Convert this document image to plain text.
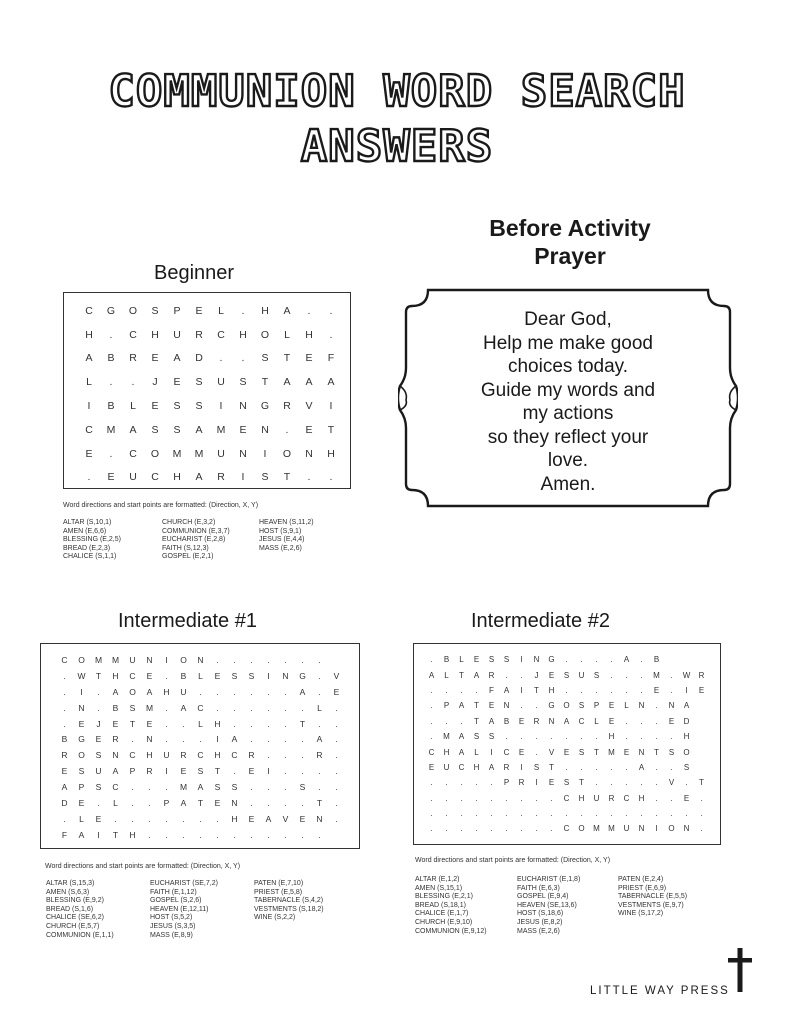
COMMUNION WORD SEARCH
ANSWERS
Beginner
C	G	O	S	P	E	L	.	H	A	.	.
H	.	C	H	U	R	C	H	O	L	H	.
A	B	R	E	A	D	.	.	S	T	E	F
L	.	.	J	E	S	U	S	T	A	A	A
I	B	L	E	S	S	I	N	G	R	V	I
C	M	A	S	S	A	M	E	N	.	E	T
E	.	C	O	M	M	U	N	I	O	N	H
.	E	U	C	H	A	R	I	S	T	.	.
Word directions and start points are formatted: (Direction, X, Y)
ALTAR (S,10,1)
AMEN (E,6,6)
BLESSING (E,2,5)
BREAD (E,2,3)
CHALICE (S,1,1)
CHURCH (E,3,2)
COMMUNION (E,3,7)
EUCHARIST (E,2,8)
FAITH (S,12,3)
GOSPEL (E,2,1)
HEAVEN (S,11,2)
HOST (S,9,1)
JESUS (E,4,4)
MASS (E,2,6)
Before Activity
Prayer
Dear God,
Help me make good
choices today.
Guide my words and
my actions
so they reflect your
love.
Amen.
Intermediate #1
C	O	M	M	U	N	I	O	N	.	.	.	.	.	.	.	
.	W	T	H	C	E	.	B	L	E	S	S	I	N	G	.	V
.	I	.	A	O	A	H	U	.	.	.	.	.	.	A	.	E
.	N	.	B	S	M	.	A	C	.	.	.	.	.	.	L	.
.	E	J	E	T	E	.	.	L	H	.	.	.	.	T	.	.
B	G	E	R	.	N	.	.	.	I	A	.	.	.	.	A	.
R	O	S	N	C	H	U	R	C	H	C	R	.	.	.	R	.
E	S	U	A	P	R	I	E	S	T	.	E	I	.	.	.	.
A	P	S	C	.	.	.	M	A	S	S	.	.	.	S	.	.
D	E	.	L	.	.	P	A	T	E	N	.	.	.	.	T	.
.	L	E	.	.	.	.	.	.	.	H	E	A	V	E	N	.
F	A	I	T	H	.	.	.	.	.	.	.	.	.	.	.	
Word directions and start points are formatted: (Direction, X, Y)
ALTAR (S,15,3)
AMEN (S,6,3)
BLESSING (E,9,2)
BREAD (S,1,6)
CHALICE (SE,6,2)
CHURCH (E,5,7)
COMMUNION (E,1,1)
EUCHARIST (SE,7,2)
FAITH (E,1,12)
GOSPEL (S,2,6)
HEAVEN (E,12,11)
HOST (S,5,2)
JESUS (S,3,5)
MASS (E,8,9)
PATEN (E,7,10)
PRIEST (E,5,8)
TABERNACLE (S,4,2)
VESTMENTS (S,18,2)
WINE (S,2,2)
Intermediate #2
.	B	L	E	S	S	I	N	G	.	.	.	.	A	.	B			
A	L	T	A	R	.	.	J	E	S	U	S	.	.	.	M	.	W	R
.	.	.	.	F	A	I	T	H	.	.	.	.	.	.	E	.	I	E
.	P	A	T	E	N	.	.	G	O	S	P	E	L	N	.	N	A	
.	.	.	T	A	B	E	R	N	A	C	L	E	.	.	.	E	D	
.	M	A	S	S	.	.	.	.	.	.	.	H	.	.	.	.	H	
C	H	A	L	I	C	E	.	V	E	S	T	M	E	N	T	S	O	
E	U	C	H	A	R	I	S	T	.	.	.	.	.	A	.	.	S	
.	.	.	.	.	P	R	I	E	S	T	.	.	.	.	.	V	.	T
.	.	.	.	.	.	.	.	.	C	H	U	R	C	H	.	.	E	.
.	.	.	.	.	.	.	.	.	.	.	.	.	.	.	.	.	.	.
.	.	.	.	.	.	.	.	.	C	O	M	M	U	N	I	O	N	.
Word directions and start points are formatted: (Direction, X, Y)
ALTAR (E,1,2)
AMEN (S,15,1)
BLESSING (E,2,1)
BREAD (S,18,1)
CHALICE (E,1,7)
CHURCH (E,9,10)
COMMUNION (E,9,12)
EUCHARIST (E,1,8)
FAITH (E,6,3)
GOSPEL (E,9,4)
HEAVEN (SE,13,6)
HOST (S,18,6)
JESUS (E,8,2)
MASS (E,2,6)
PATEN (E,2,4)
PRIEST (E,6,9)
TABERNACLE (E,5,5)
VESTMENTS (E,9,7)
WINE (S,17,2)
LITTLE WAY PRESS
